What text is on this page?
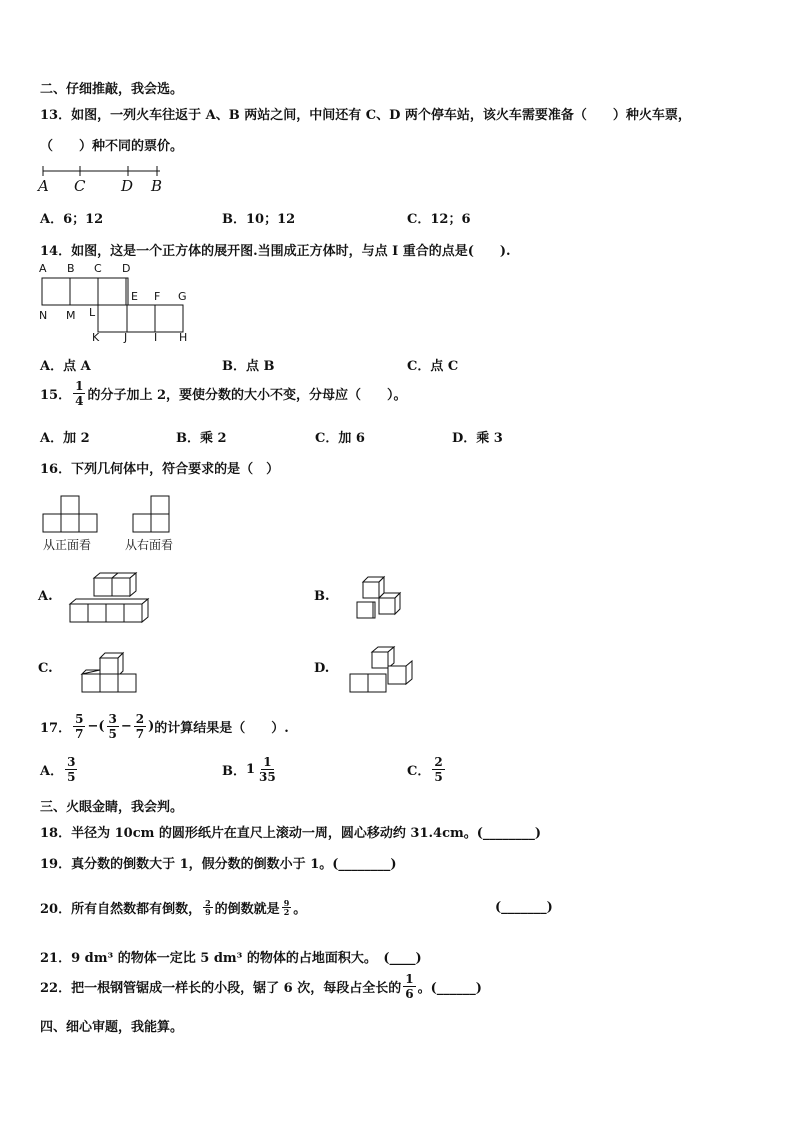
二、仔细推敲，我会选。
13．如图，一列火车往返于 A、B 两站之间，中间还有 C、D 两个停车站，该火车需要准备（　　）种火车票，
（　　）种不同的票价。
A C D B
A．6；12	B．10；12	C．12；6
14．如图，这是一个正方体的展开图.当围成正方体时，与点 I 重合的点是(　　).
A B C D
E F G
N M L
K J I H
A．点 A	B．点 B	C．点 C
15． $\frac{1}{4}$ 的分子加上 2，要使分数的大小不变，分母应（　　）。
A．加 2	B．乘 2	C．加 6	D．乘 3
16．下列几何体中，符合要求的是（　）
从正面看	从右面看
A.	B.
C.	D.
17． $\frac{5}{7}$ −( $\frac{3}{5} - \frac{2}{7}$ ) 的计算结果是（　　）.
A． $\frac{3}{5}$	B． $1 \frac{1}{35}$	C． $\frac{2}{5}$
三、火眼金睛，我会判。
18．半径为 10cm 的圆形纸片在直尺上滚动一周，圆心移动约 31.4cm。(________)
19．真分数的倒数大于 1，假分数的倒数小于 1。(________)
20．所有自然数都有倒数， $\frac{2}{9}$ 的倒数就是 $\frac{9}{2}$ 。	(_______)
21．9 dm³ 的物体一定比 5 dm³ 的物体的占地面积大。　(____)
22．把一根钢管锯成一样长的小段，锯了 6 次，每段占全长的 $\frac{1}{6}$ 。(______)
四、细心审题，我能算。
